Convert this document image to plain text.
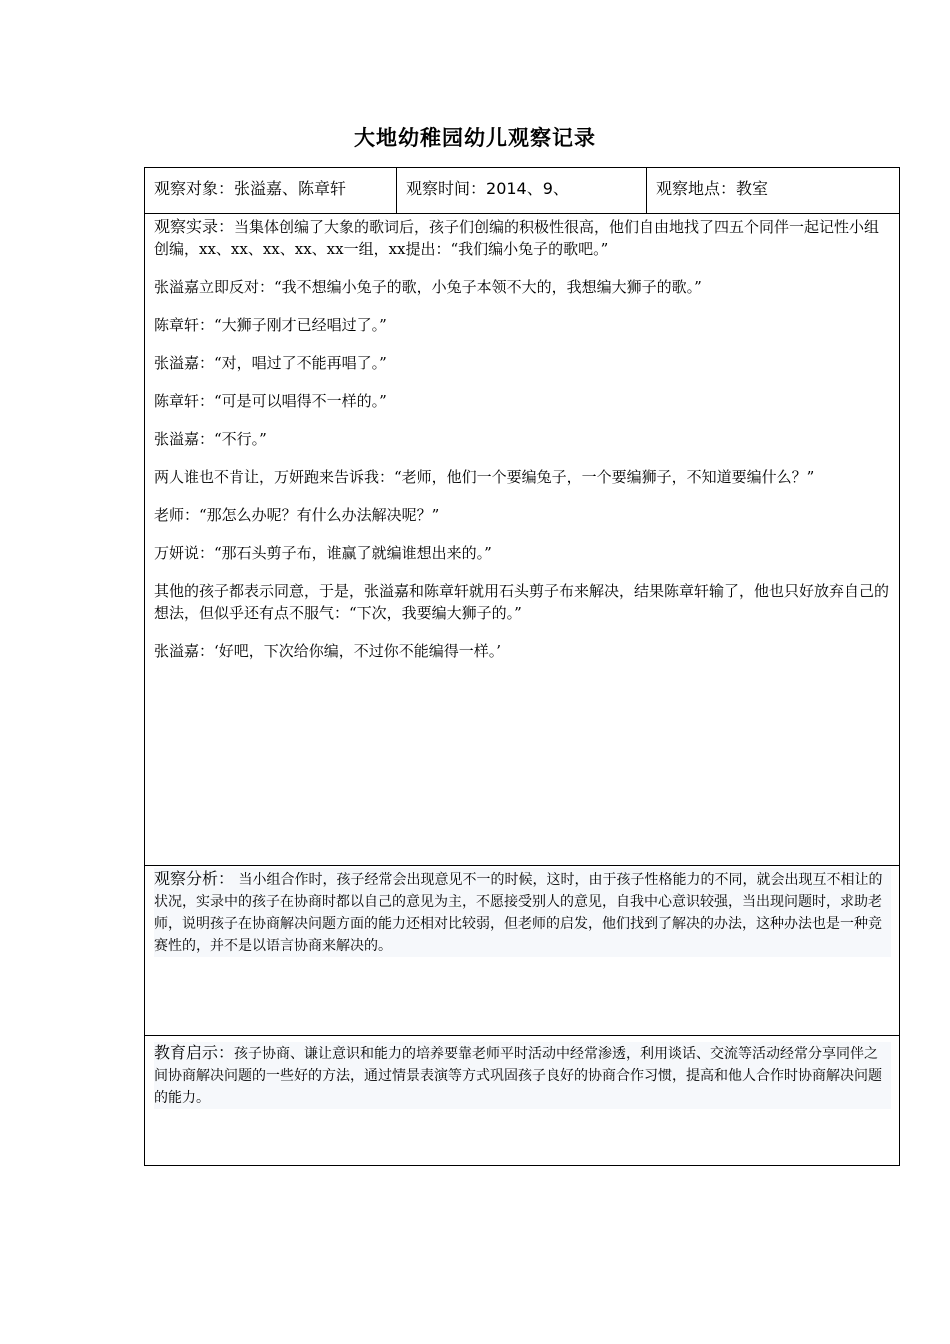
大地幼稚园幼儿观察记录
观察对象：张溢嘉、陈章轩	观察时间：2014、9、	观察地点：教室

观察实录：当集体创编了大象的歌词后，孩子们创编的积极性很高，他们自由地找了四五个同伴一起记性小组创编，xx、xx、xx、xx、xx一组，xx提出：“我们编小兔子的歌吧。”

张溢嘉立即反对：“我不想编小兔子的歌，小兔子本领不大的，我想编大狮子的歌。”

陈章轩：“大狮子刚才已经唱过了。”

张溢嘉：“对，唱过了不能再唱了。”

陈章轩：“可是可以唱得不一样的。”

张溢嘉：“不行。”

两人谁也不肯让，万妍跑来告诉我：“老师，他们一个要编兔子，一个要编狮子，不知道要编什么？”

老师：“那怎么办呢？有什么办法解决呢？”

万妍说：“那石头剪子布，谁赢了就编谁想出来的。”

其他的孩子都表示同意，于是，张溢嘉和陈章轩就用石头剪子布来解决，结果陈章轩输了，他也只好放弃自己的想法，但似乎还有点不服气：“下次，我要编大狮子的。”

张溢嘉：‘好吧，下次给你编，不过你不能编得一样。’

观察分析： 当小组合作时，孩子经常会出现意见不一的时候，这时，由于孩子性格能力的不同，就会出现互不相让的状况，实录中的孩子在协商时都以自己的意见为主，不愿接受别人的意见，自我中心意识较强，当出现问题时，求助老师，说明孩子在协商解决问题方面的能力还相对比较弱，但老师的启发，他们找到了解决的办法，这种办法也是一种竞赛性的，并不是以语言协商来解决的。

教育启示：孩子协商、谦让意识和能力的培养要靠老师平时活动中经常渗透，利用谈话、交流等活动经常分享同伴之间协商解决问题的一些好的方法，通过情景表演等方式巩固孩子良好的协商合作习惯，提高和他人合作时协商解决问题的能力。
